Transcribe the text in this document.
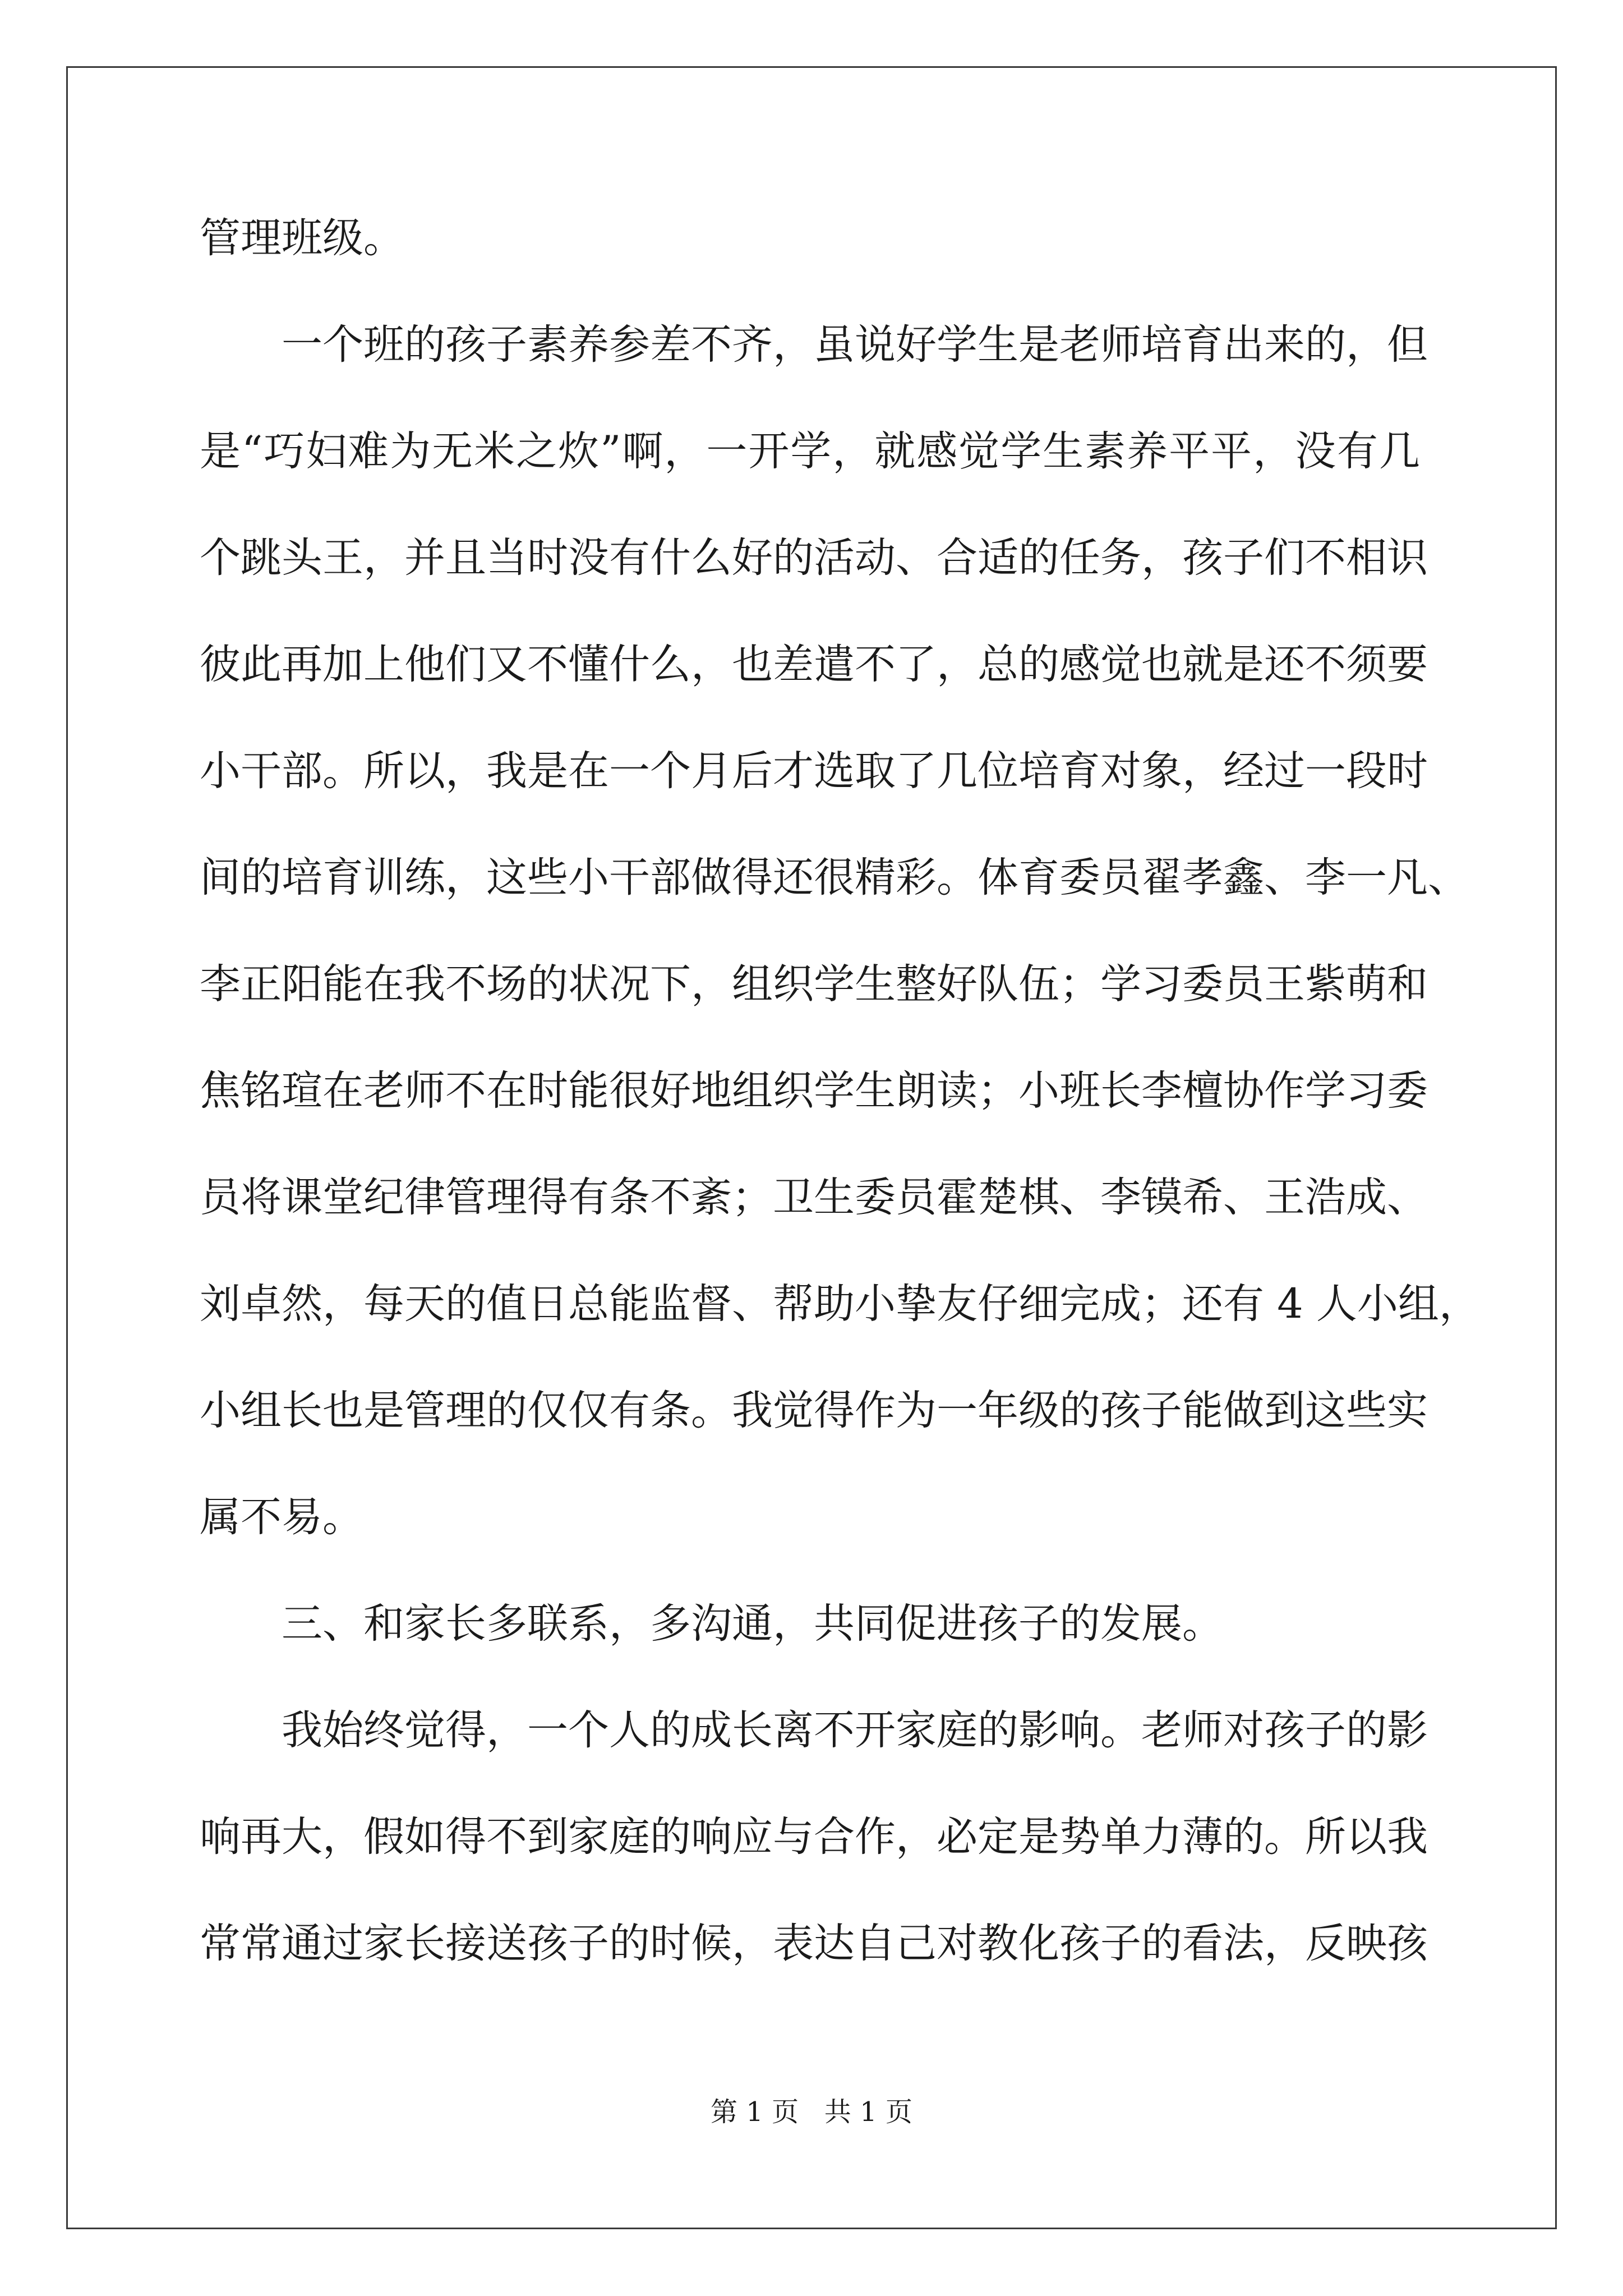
管理班级。
一个班的孩子素养参差不齐，虽说好学生是老师培育出来的，但
是“巧妇难为无米之炊”啊，一开学，就感觉学生素养平平，没有几
个跳头王，并且当时没有什么好的活动、合适的任务，孩子们不相识
彼此再加上他们又不懂什么，也差遣不了，总的感觉也就是还不须要
小干部。所以，我是在一个月后才选取了几位培育对象，经过一段时
间的培育训练，这些小干部做得还很精彩。体育委员翟孝鑫、李一凡、
李正阳能在我不场的状况下，组织学生整好队伍；学习委员王紫萌和
焦铭瑄在老师不在时能很好地组织学生朗读；小班长李檀协作学习委
员将课堂纪律管理得有条不紊；卫生委员霍楚棋、李镆希、王浩成、
刘卓然，每天的值日总能监督、帮助小挚友仔细完成；还有 4 人小组，
小组长也是管理的仅仅有条。我觉得作为一年级的孩子能做到这些实
属不易。
三、和家长多联系，多沟通，共同促进孩子的发展。
我始终觉得，一个人的成长离不开家庭的影响。老师对孩子的影
响再大，假如得不到家庭的响应与合作，必定是势单力薄的。所以我
常常通过家长接送孩子的时候，表达自己对教化孩子的看法，反映孩
第 1 页 共 1 页
